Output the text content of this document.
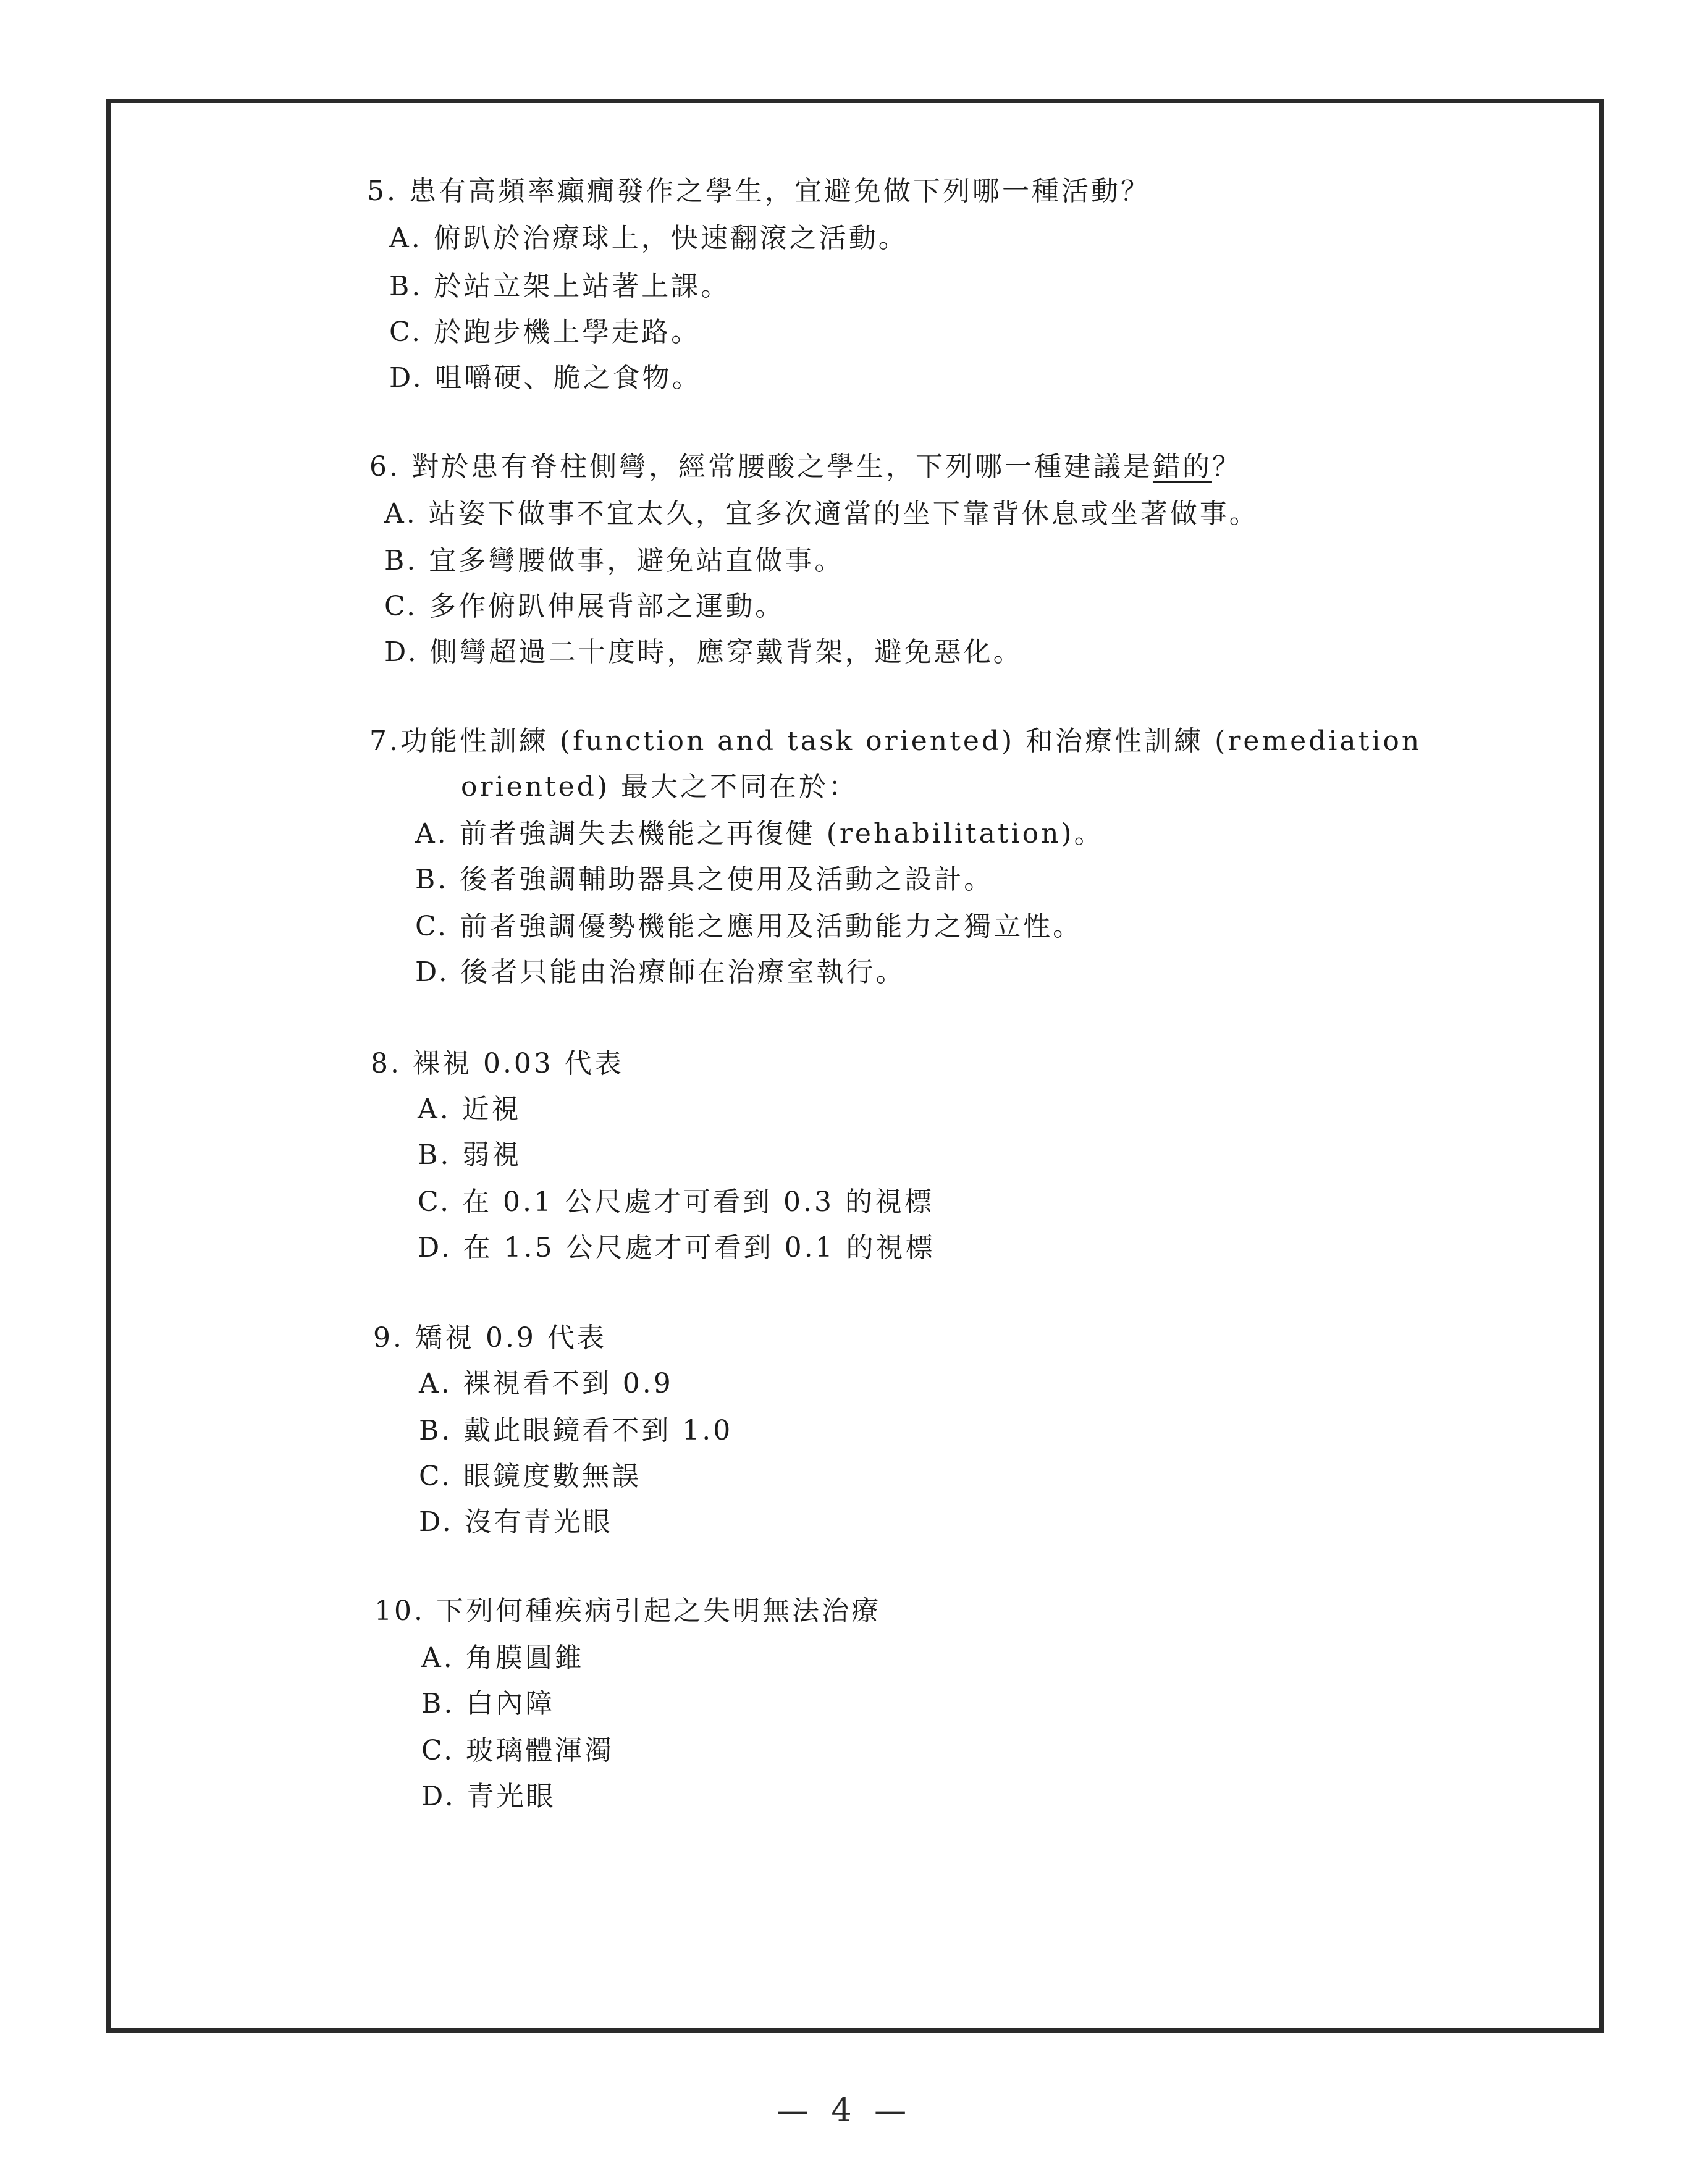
5. 患有高頻率癲癇發作之學生，宜避免做下列哪一種活動？
A. 俯趴於治療球上，快速翻滾之活動。
B. 於站立架上站著上課。
C. 於跑步機上學走路。
D. 咀嚼硬、脆之食物。
6. 對於患有脊柱側彎，經常腰酸之學生，下列哪一種建議是錯的？
A. 站姿下做事不宜太久，宜多次適當的坐下靠背休息或坐著做事。
B. 宜多彎腰做事，避免站直做事。
C. 多作俯趴伸展背部之運動。
D. 側彎超過二十度時，應穿戴背架，避免惡化。
7.功能性訓練 (function and task oriented) 和治療性訓練 (remediation
oriented) 最大之不同在於：
A. 前者強調失去機能之再復健 (rehabilitation)。
B. 後者強調輔助器具之使用及活動之設計。
C. 前者強調優勢機能之應用及活動能力之獨立性。
D. 後者只能由治療師在治療室執行。
8. 裸視 0.03 代表
A. 近視
B. 弱視
C. 在 0.1 公尺處才可看到 0.3 的視標
D. 在 1.5 公尺處才可看到 0.1 的視標
9. 矯視 0.9 代表
A. 裸視看不到 0.9
B. 戴此眼鏡看不到 1.0
C. 眼鏡度數無誤
D. 沒有青光眼
10. 下列何種疾病引起之失明無法治療
A. 角膜圓錐
B. 白內障
C. 玻璃體渾濁
D. 青光眼
— 4 —
